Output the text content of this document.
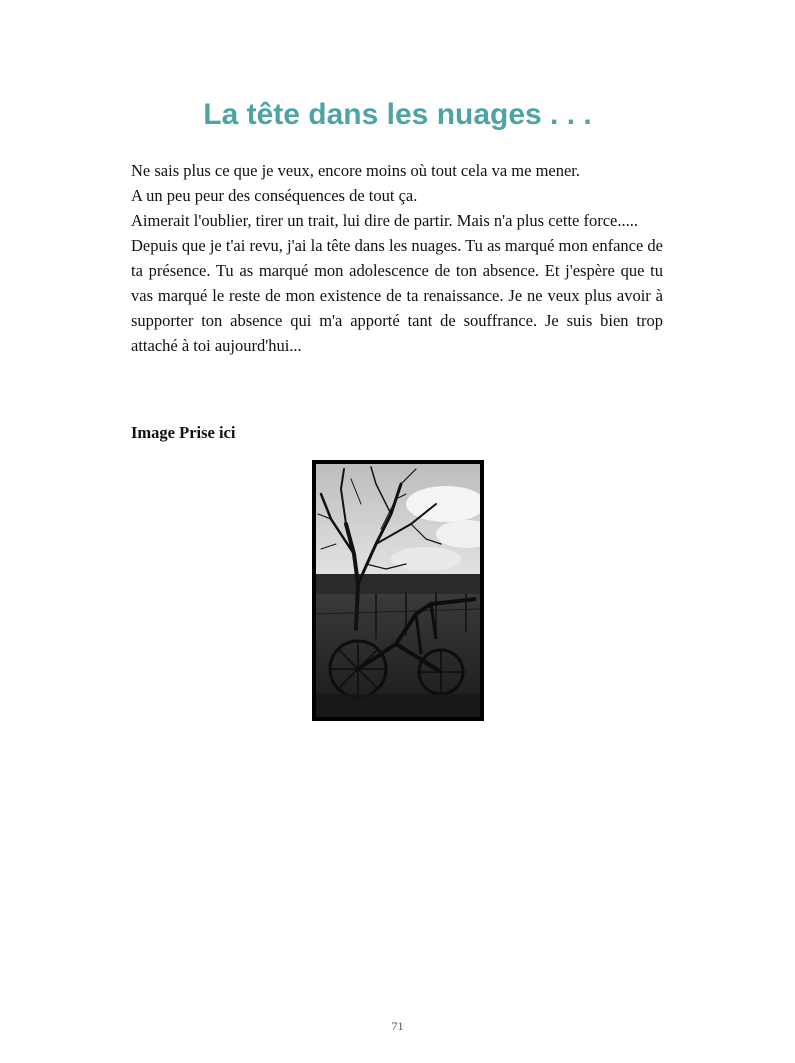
La tête dans les nuages . . .

Ne sais plus ce que je veux, encore moins où tout cela va me mener.

A un peu peur des conséquences de tout ça.

Aimerait l'oublier, tirer un trait, lui dire de partir. Mais n'a plus cette force.....

Depuis que je t'ai revu, j'ai la tête dans les nuages. Tu as marqué mon enfance de ta présence. Tu as marqué mon adolescence de ton absence. Et j'espère que tu vas marqué le reste de mon existence de ta renaissance. Je ne veux plus avoir à supporter ton absence qui m'a apporté tant de souffrance. Je suis bien trop attaché à toi aujourd'hui...

Image Prise ici

71
